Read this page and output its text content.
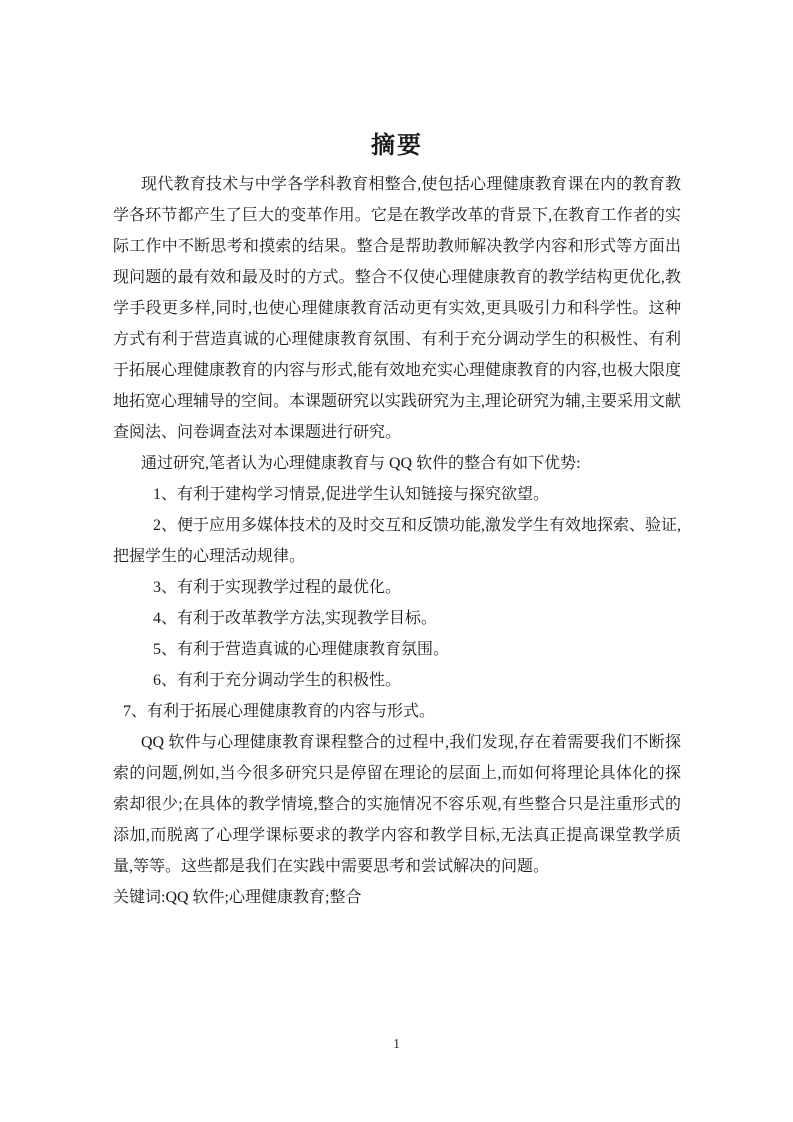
摘要

现代教育技术与中学各学科教育相整合,使包括心理健康教育课在内的教育教学各环节都产生了巨大的变革作用。它是在教学改革的背景下,在教育工作者的实际工作中不断思考和摸索的结果。整合是帮助教师解决教学内容和形式等方面出现问题的最有效和最及时的方式。整合不仅使心理健康教育的教学结构更优化,教学手段更多样,同时,也使心理健康教育活动更有实效,更具吸引力和科学性。这种方式有利于营造真诚的心理健康教育氛围、有利于充分调动学生的积极性、有利于拓展心理健康教育的内容与形式,能有效地充实心理健康教育的内容,也极大限度地拓宽心理辅导的空间。本课题研究以实践研究为主,理论研究为辅,主要采用文献查阅法、问卷调查法对本课题进行研究。

通过研究,笔者认为心理健康教育与 QQ 软件的整合有如下优势:

1、有利于建构学习情景,促进学生认知链接与探究欲望。

2、便于应用多媒体技术的及时交互和反馈功能,激发学生有效地探索、验证,把握学生的心理活动规律。

3、有利于实现教学过程的最优化。

4、有利于改革教学方法,实现教学目标。

5、有利于营造真诚的心理健康教育氛围。

6、有利于充分调动学生的积极性。

7、有利于拓展心理健康教育的内容与形式。

QQ 软件与心理健康教育课程整合的过程中,我们发现,存在着需要我们不断探索的问题,例如,当今很多研究只是停留在理论的层面上,而如何将理论具体化的探索却很少;在具体的教学情境,整合的实施情况不容乐观,有些整合只是注重形式的添加,而脱离了心理学课标要求的教学内容和教学目标,无法真正提高课堂教学质量,等等。这些都是我们在实践中需要思考和尝试解决的问题。

关键词:QQ 软件;心理健康教育;整合

1
